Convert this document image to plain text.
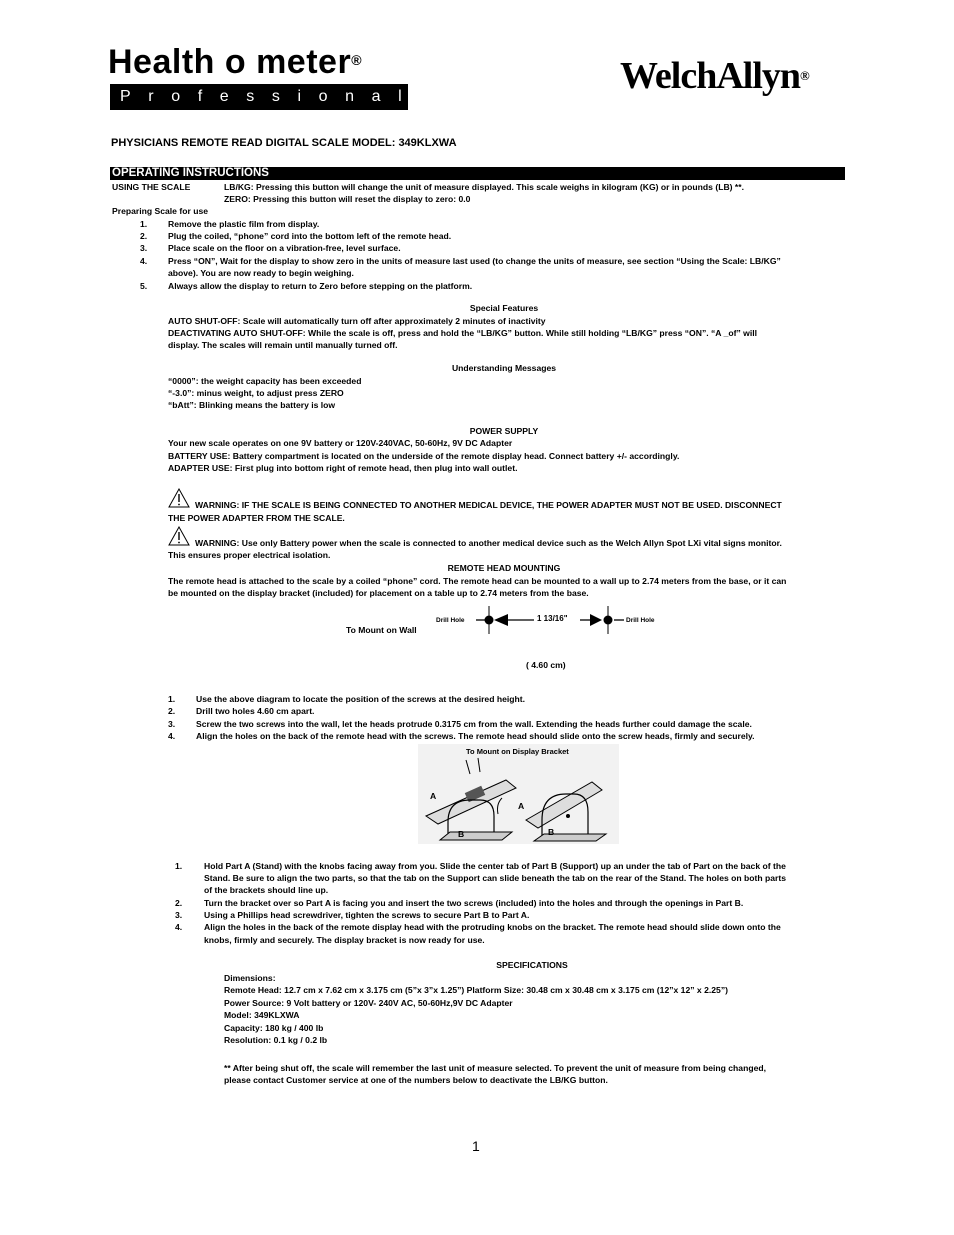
Health o meter®
Professional	WelchAllyn®
PHYSICIANS REMOTE READ DIGITAL SCALE MODEL: 349KLXWA
OPERATING INSTRUCTIONS
USING THE SCALE	LB/KG: Pressing this button will change the unit of measure displayed. This scale weighs in kilogram (KG) or in pounds (LB) **.
ZERO: Pressing this button will reset the display to zero: 0.0
Preparing Scale for use
1. Remove the plastic film from display.
2. Plug the coiled, “phone” cord into the bottom left of the remote head.
3. Place scale on the floor on a vibration-free, level surface.
4. Press “ON”, Wait for the display to show zero in the units of measure last used (to change the units of measure, see section “Using the Scale: LB/KG”
above). You are now ready to begin weighing.
5. Always allow the display to return to Zero before stepping on the platform.
Special Features
AUTO SHUT-OFF: Scale will automatically turn off after approximately 2 minutes of inactivity
DEACTIVATING AUTO SHUT-OFF: While the scale is off, press and hold the “LB/KG” button. While still holding “LB/KG” press “ON”. “A _of” will
display. The scales will remain until manually turned off.
Understanding Messages
“0000”: the weight capacity has been exceeded
“-3.0”: minus weight, to adjust press ZERO
“bAtt”: Blinking means the battery is low
POWER SUPPLY
Your new scale operates on one 9V battery or 120V-240VAC, 50-60Hz, 9V DC Adapter
BATTERY USE: Battery compartment is located on the underside of the remote display head. Connect battery +/- accordingly.
ADAPTER USE: First plug into bottom right of remote head, then plug into wall outlet.
WARNING: IF THE SCALE IS BEING CONNECTED TO ANOTHER MEDICAL DEVICE, THE POWER ADAPTER MUST NOT BE USED. DISCONNECT
THE POWER ADAPTER FROM THE SCALE.
WARNING: Use only Battery power when the scale is connected to another medical device such as the Welch Allyn Spot LXi vital signs monitor.
This ensures proper electrical isolation.
REMOTE HEAD MOUNTING
The remote head is attached to the scale by a coiled “phone” cord. The remote head can be mounted to a wall up to 2.74 meters from the base, or it can
be mounted on the display bracket (included) for placement on a table up to 2.74 meters from the base.
To Mount on Wall
Drill Hole	1 13/16"	Drill Hole
( 4.60 cm)
1. Use the above diagram to locate the position of the screws at the desired height.
2. Drill two holes 4.60 cm apart.
3. Screw the two screws into the wall, let the heads protrude 0.3175 cm from the wall. Extending the heads further could damage the scale.
4. Align the holes on the back of the remote head with the screws. The remote head should slide onto the screw heads, firmly and securely.
To Mount on Display Bracket
A
B
A
B
1.	Hold Part A (Stand) with the knobs facing away from you. Slide the center tab of Part B (Support) up an under the tab of Part on the back of the
Stand. Be sure to align the two parts, so that the tab on the Support can slide beneath the tab on the rear of the Stand. The holes on both parts
of the brackets should line up.
2.	Turn the bracket over so Part A is facing you and insert the two screws (included) into the holes and through the openings in Part B.
3.	Using a Phillips head screwdriver, tighten the screws to secure Part B to Part A.
4.	Align the holes in the back of the remote display head with the protruding knobs on the bracket. The remote head should slide down onto the
knobs, firmly and securely. The display bracket is now ready for use.
SPECIFICATIONS
Dimensions:
Remote Head: 12.7 cm x 7.62 cm x 3.175 cm (5”x 3”x 1.25”) Platform Size: 30.48 cm x 30.48 cm x 3.175 cm (12”x 12” x 2.25”)
Power Source: 9 Volt battery or 120V- 240V AC, 50-60Hz,9V DC Adapter
Model: 349KLXWA
Capacity: 180 kg / 400 lb
Resolution: 0.1 kg / 0.2 lb
** After being shut off, the scale will remember the last unit of measure selected. To prevent the unit of measure from being changed,
please contact Customer service at one of the numbers below to deactivate the LB/KG button.
1
